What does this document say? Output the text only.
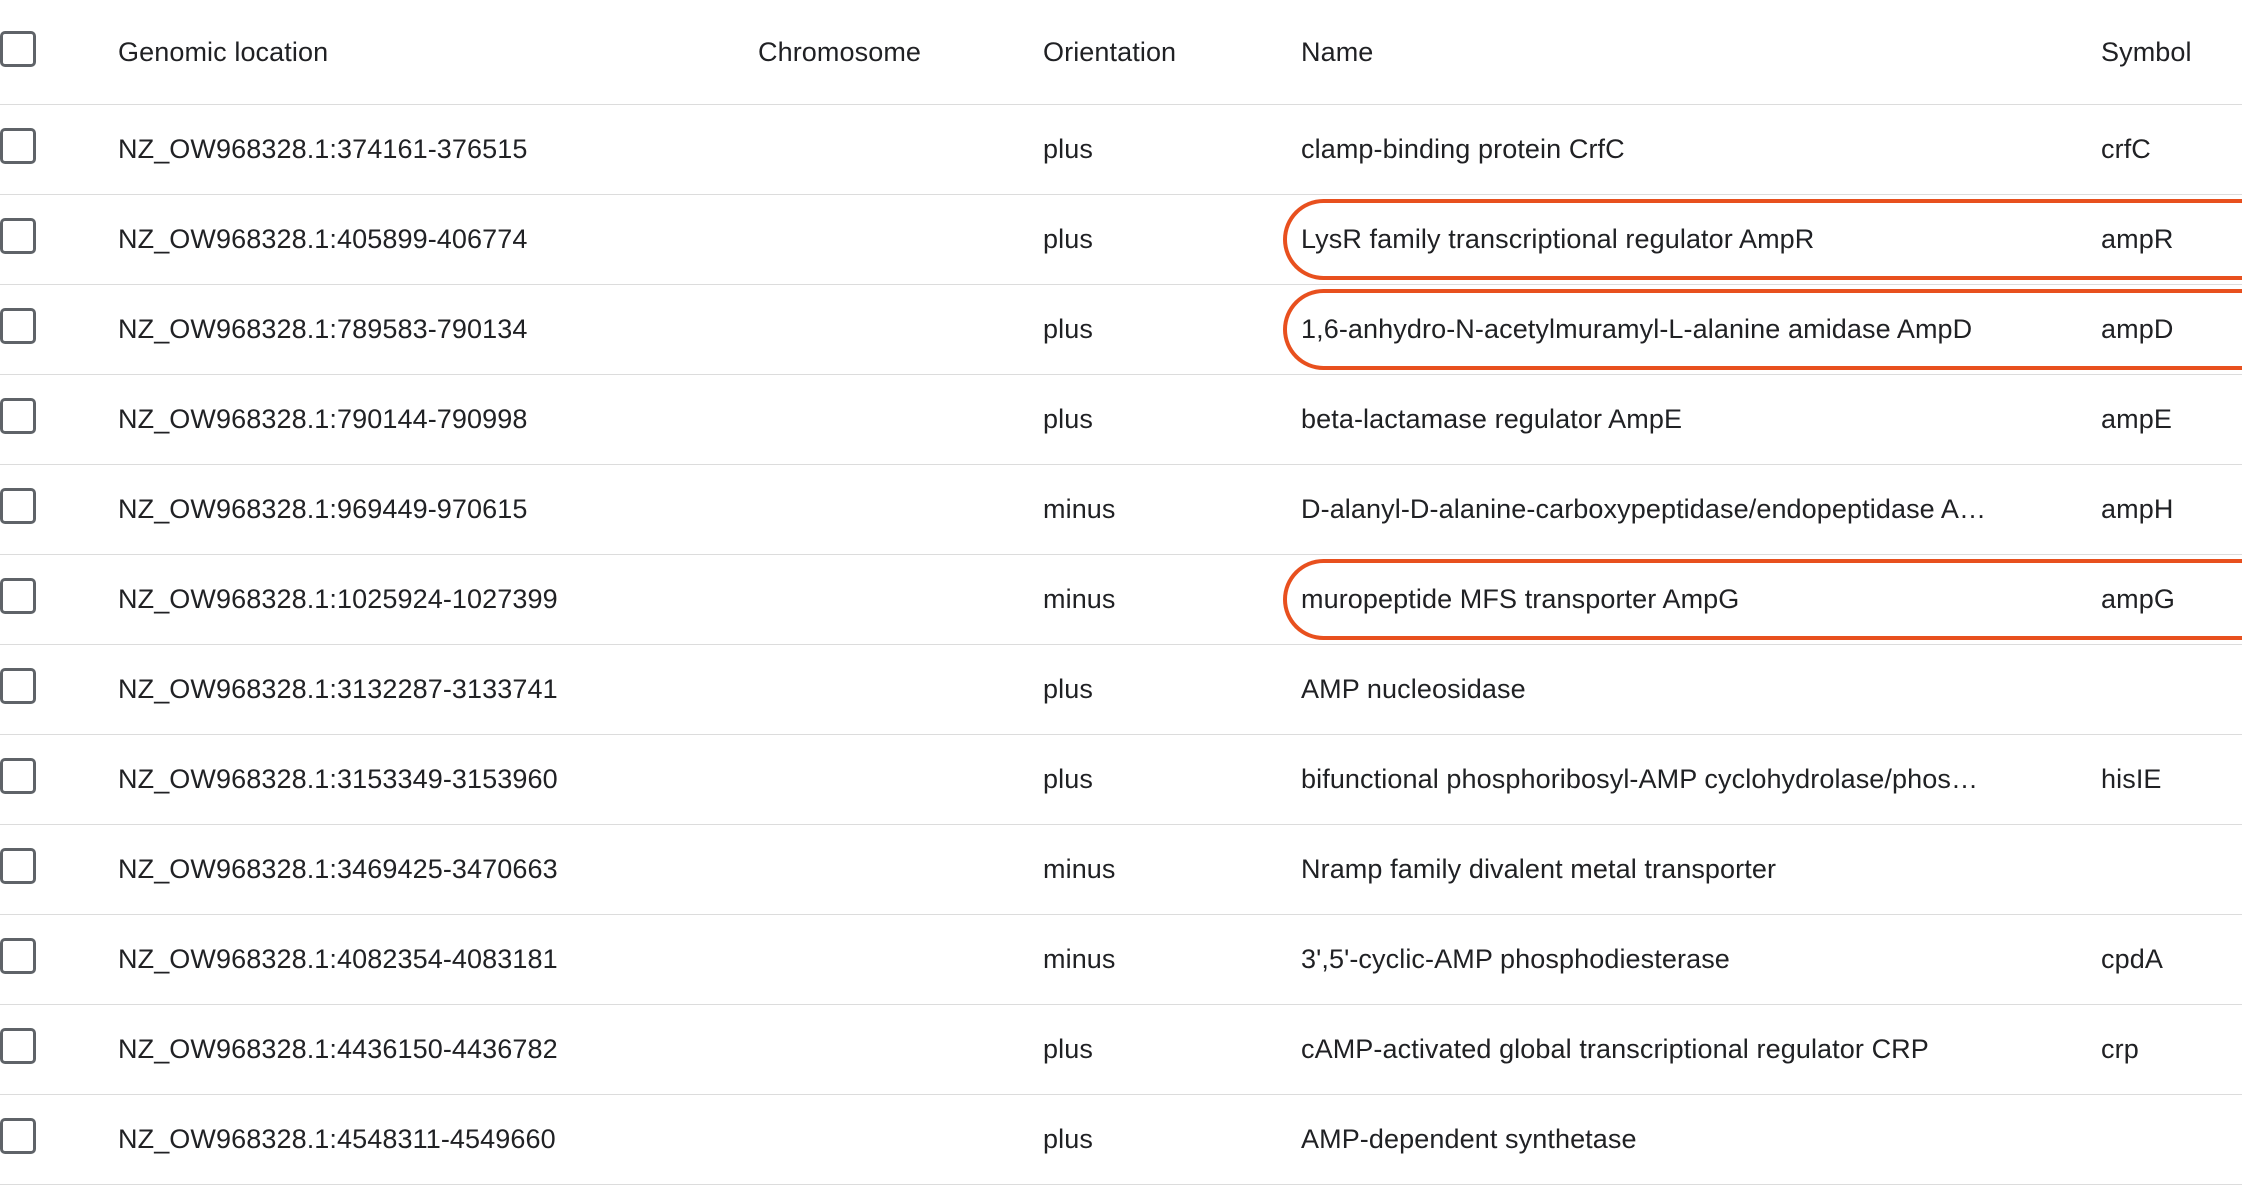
	Genomic location	Chromosome	Orientation	Name	Symbol

	NZ_OW968328.1:374161-376515		plus	clamp-binding protein CrfC	crfC

	NZ_OW968328.1:405899-406774		plus	LysR family transcriptional regulator AmpR	ampR

	NZ_OW968328.1:789583-790134		plus	1,6-anhydro-N-acetylmuramyl-L-alanine amidase AmpD	ampD

	NZ_OW968328.1:790144-790998		plus	beta-lactamase regulator AmpE	ampE

	NZ_OW968328.1:969449-970615		minus	D-alanyl-D-alanine-carboxypeptidase/endopeptidase A…	ampH

	NZ_OW968328.1:1025924-1027399		minus	muropeptide MFS transporter AmpG	ampG

	NZ_OW968328.1:3132287-3133741		plus	AMP nucleosidase	

	NZ_OW968328.1:3153349-3153960		plus	bifunctional phosphoribosyl-AMP cyclohydrolase/phos…	hisIE

	NZ_OW968328.1:3469425-3470663		minus	Nramp family divalent metal transporter	

	NZ_OW968328.1:4082354-4083181		minus	3',5'-cyclic-AMP phosphodiesterase	cpdA

	NZ_OW968328.1:4436150-4436782		plus	cAMP-activated global transcriptional regulator CRP	crp

	NZ_OW968328.1:4548311-4549660		plus	AMP-dependent synthetase	
